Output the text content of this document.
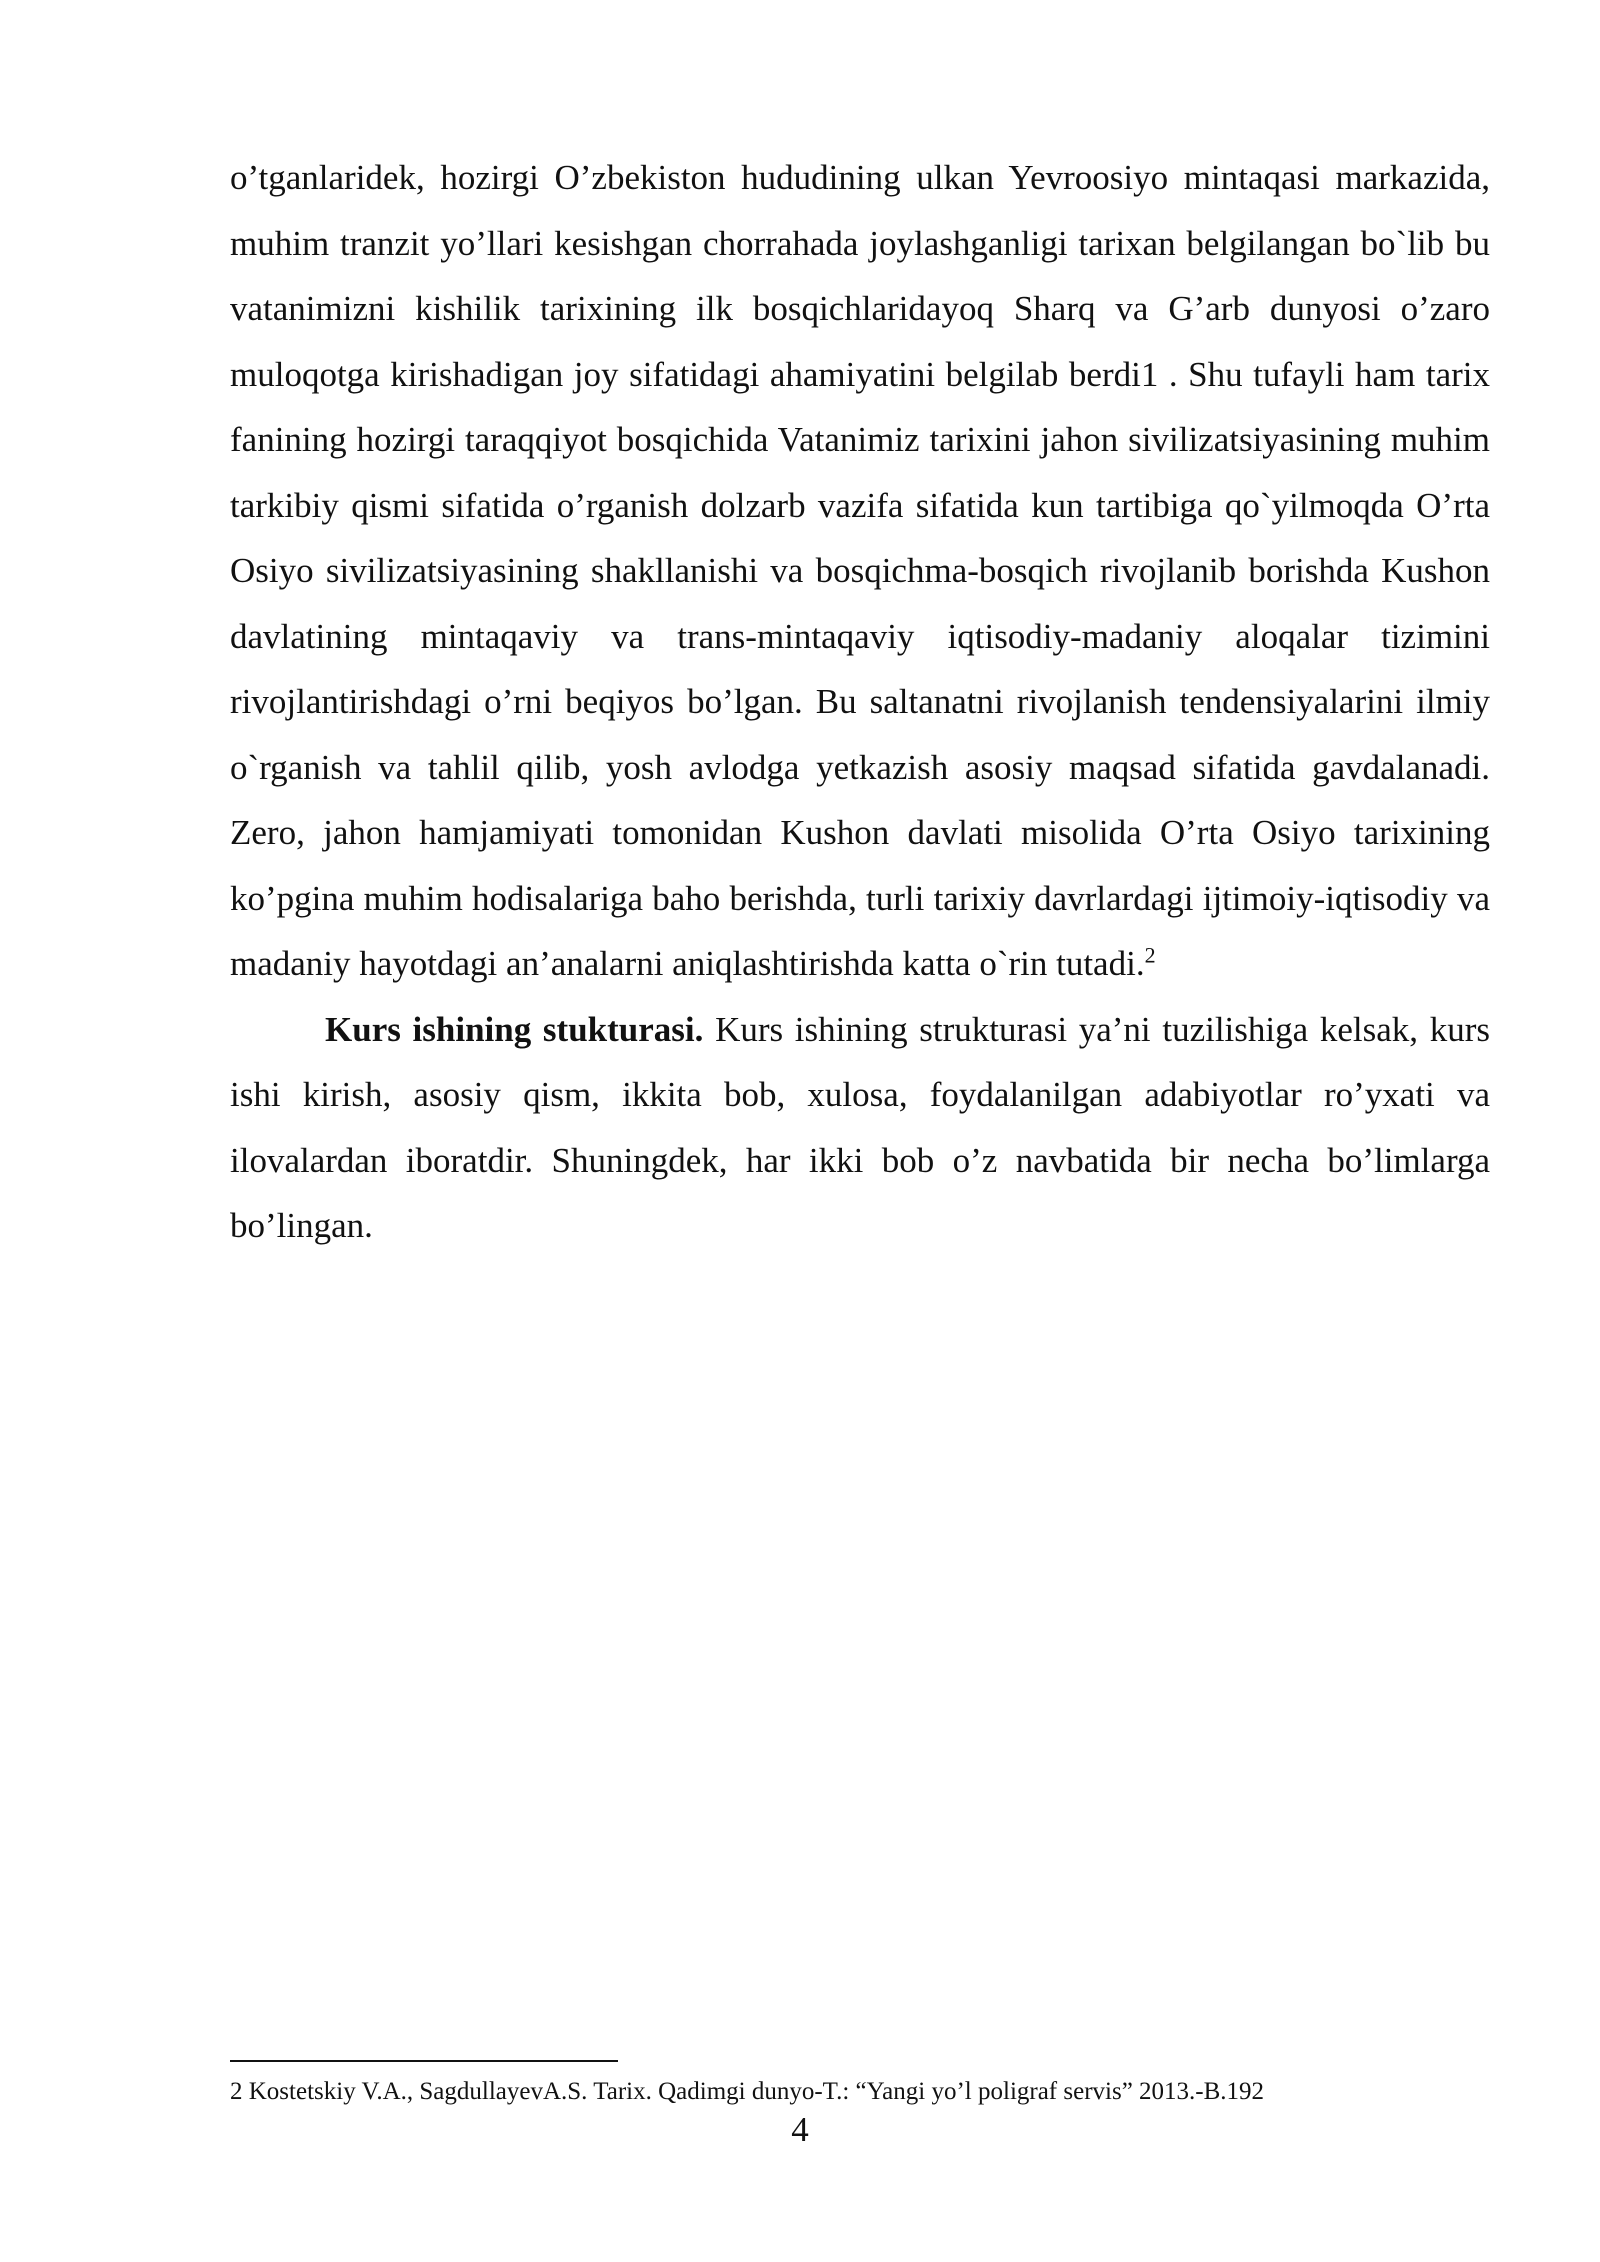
o’tganlaridek, hozirgi O’zbekiston hududining ulkan Yevroosiyo mintaqasi markazida, muhim tranzit yo’llari kesishgan chorrahada joylashganligi tarixan belgilangan bo`lib bu vatanimizni kishilik tarixining ilk bosqichlaridayoq Sharq va G’arb dunyosi o’zaro muloqotga kirishadigan joy sifatidagi ahamiyatini belgilab berdi1 . Shu tufayli ham tarix fanining hozirgi taraqqiyot bosqichida Vatanimiz tarixini jahon sivilizatsiyasining muhim tarkibiy qismi sifatida o’rganish dolzarb vazifa sifatida kun tartibiga qo`yilmoqda O’rta Osiyo sivilizatsiyasining shakllanishi va bosqichma-bosqich rivojlanib borishda Kushon davlatining mintaqaviy va trans-mintaqaviy iqtisodiy-madaniy aloqalar tizimini rivojlantirishdagi o’rni beqiyos bo’lgan. Bu saltanatni rivojlanish tendensiyalarini ilmiy o`rganish va tahlil qilib, yosh avlodga yetkazish asosiy maqsad sifatida gavdalanadi. Zero, jahon hamjamiyati tomonidan Kushon davlati misolida O’rta Osiyo tarixining ko’pgina muhim hodisalariga baho berishda, turli tarixiy davrlardagi ijtimoiy-iqtisodiy va madaniy hayotdagi an’analarni aniqlashtirishda katta o`rin tutadi.$^2$

Kurs ishining stukturasi. Kurs ishining strukturasi ya’ni tuzilishiga kelsak, kurs ishi kirish, asosiy qism, ikkita bob, xulosa, foydalanilgan adabiyotlar ro’yxati va ilovalardan iboratdir. Shuningdek, har ikki bob o’z navbatida bir necha bo’limlarga bo’lingan.

2 Kostetskiy V.A., SagdullayevA.S. Tarix. Qadimgi dunyo-T.: “Yangi yo’l poligraf servis” 2013.-B.192
4
